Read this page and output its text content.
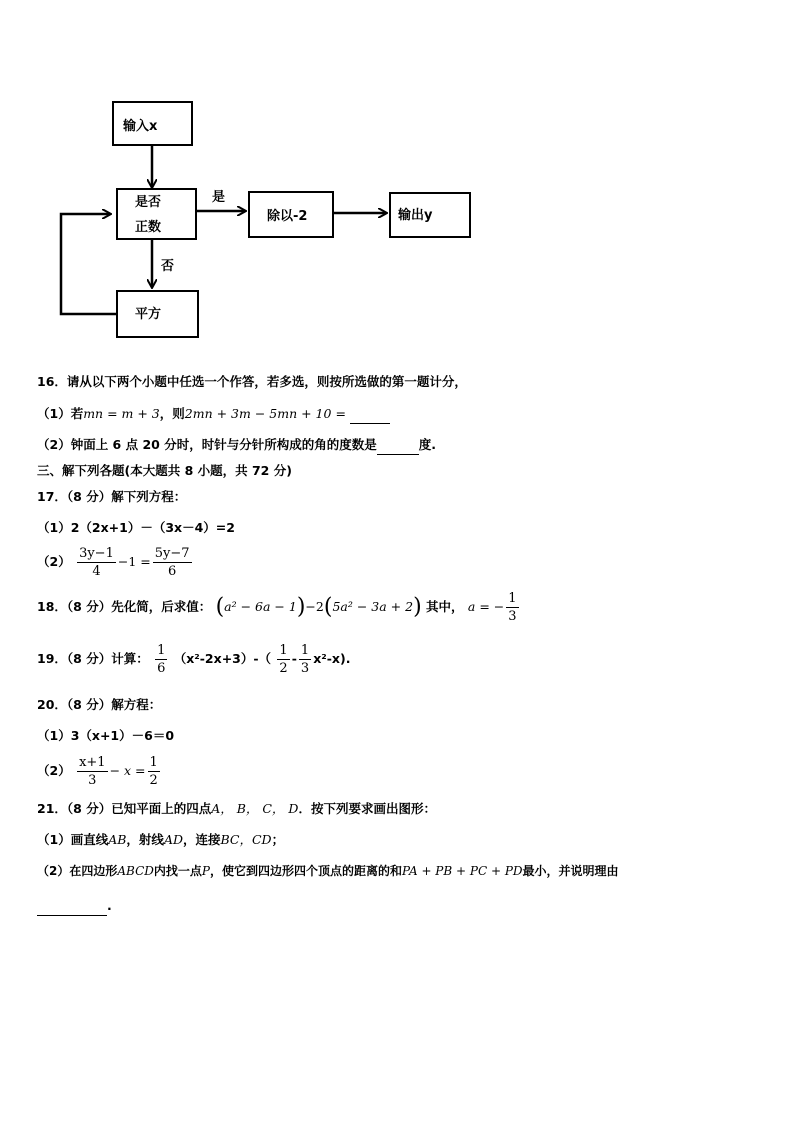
输入x
是否
正数
除以-2	输出y
平方
是
否
16．请从以下两个小题中任选一个作答，若多选，则按所选做的第一题计分，
（1）若mn = m + 3，则2mn + 3m − 5mn + 10 =
（2）钟面上 6 点 20 分时，时针与分针所构成的角的度数是	度.
三、解下列各题(本大题共 8 小题，共 72 分)
17．（8 分）解下列方程：
（1）2（2x+1）－（3x－4）=2
$(2) \frac{3y-1}{4} -1 = \frac{5y-7}{6}$
18．（8 分）先化简，后求值： (a² − 6a − 1)−2(5a² − 3a + 2) 其中， a = − $\frac{1}{3}$
19．（8 分）计算： $\frac{1}{6} (x^2-2x+3)-( \frac{1}{2} - \frac{1}{3} x^2-x)$.
20．（8 分）解方程：
（1）3（x+1）－6＝0
$(2) \frac{x+1}{3} - x = \frac{1}{2}$
21．（8 分）已知平面上的四点A， B， C， D．按下列要求画出图形：
（1）画直线AB，射线AD，连接BC，CD；
（2）在四边形ABCD内找一点P，使它到四边形四个顶点的距离的和PA + PB + PC + PD最小，并说明理由
.
